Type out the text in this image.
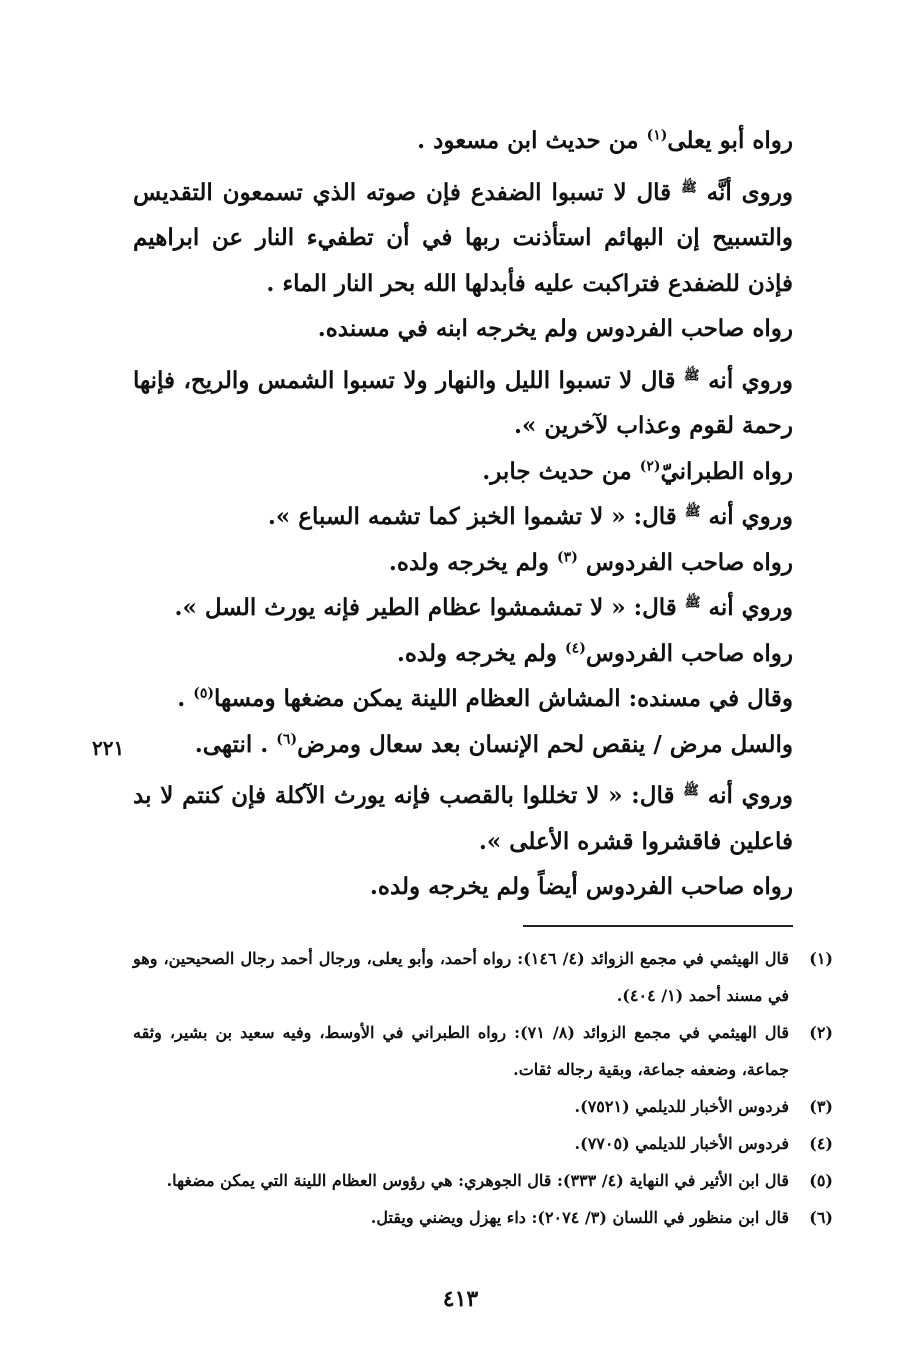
رواه أبو يعلى$^{(١)}$ من حديث ابن مسعود .

وروى أنَّه $^ﷺ$ قال لا تسبوا الضفدع فإن صوته الذي تسمعون التقديس والتسبيح إن البهائم استأذنت ربها في أن تطفيء النار عن ابراهيم فإذن للضفدع فتراكبت عليه فأبدلها الله بحر النار الماء .

رواه صاحب الفردوس ولم يخرجه ابنه في مسنده.

وروي أنه $^ﷺ$ قال لا تسبوا الليل والنهار ولا تسبوا الشمس والريح، فإنها رحمة لقوم وعذاب لآخرين ».

رواه الطبرانيّ$^{(٢)}$ من حديث جابر.

وروي أنه $^ﷺ$ قال: « لا تشموا الخبز كما تشمه السباع ».

رواه صاحب الفردوس $^{(٣)}$ ولم يخرجه ولده.

وروي أنه $^ﷺ$ قال: « لا تمشمشوا عظام الطير فإنه يورث السل ».

رواه صاحب الفردوس$^{(٤)}$ ولم يخرجه ولده.

وقال في مسنده: المشاش العظام اللينة يمكن مضغها ومسها$^{(٥)}$ .

والسل مرض / ينقص لحم الإنسان بعد سعال ومرض$^{(٦)}$ . انتهى.

وروي أنه $^ﷺ$ قال: « لا تخللوا بالقصب فإنه يورث الآكلة فإن كنتم لا بد فاعلين فاقشروا قشره الأعلى ».

رواه صاحب الفردوس أيضاً ولم يخرجه ولده.

٢٢١
(١)
قال الهيثمي في مجمع الزوائد (٤/ ١٤٦): رواه أحمد، وأبو يعلى، ورجال أحمد رجال الصحيحين، وهو في مسند أحمد (١/ ٤٠٤).
(٢)
قال الهيثمي في مجمع الزوائد (٨/ ٧١): رواه الطبراني في الأوسط، وفيه سعيد بن بشير، وثقه جماعة، وضعفه جماعة، وبقية رجاله ثقات.
(٣)
فردوس الأخبار للديلمي (٧٥٢١).
(٤)
فردوس الأخبار للديلمي (٧٧٠٥).
(٥)
قال ابن الأثير في النهاية (٤/ ٣٣٣): قال الجوهري: هي رؤوس العظام اللينة التي يمكن مضغها.
(٦)
قال ابن منظور في اللسان (٣/ ٢٠٧٤): داء يهزل ويضني ويقتل.
٤١٣
